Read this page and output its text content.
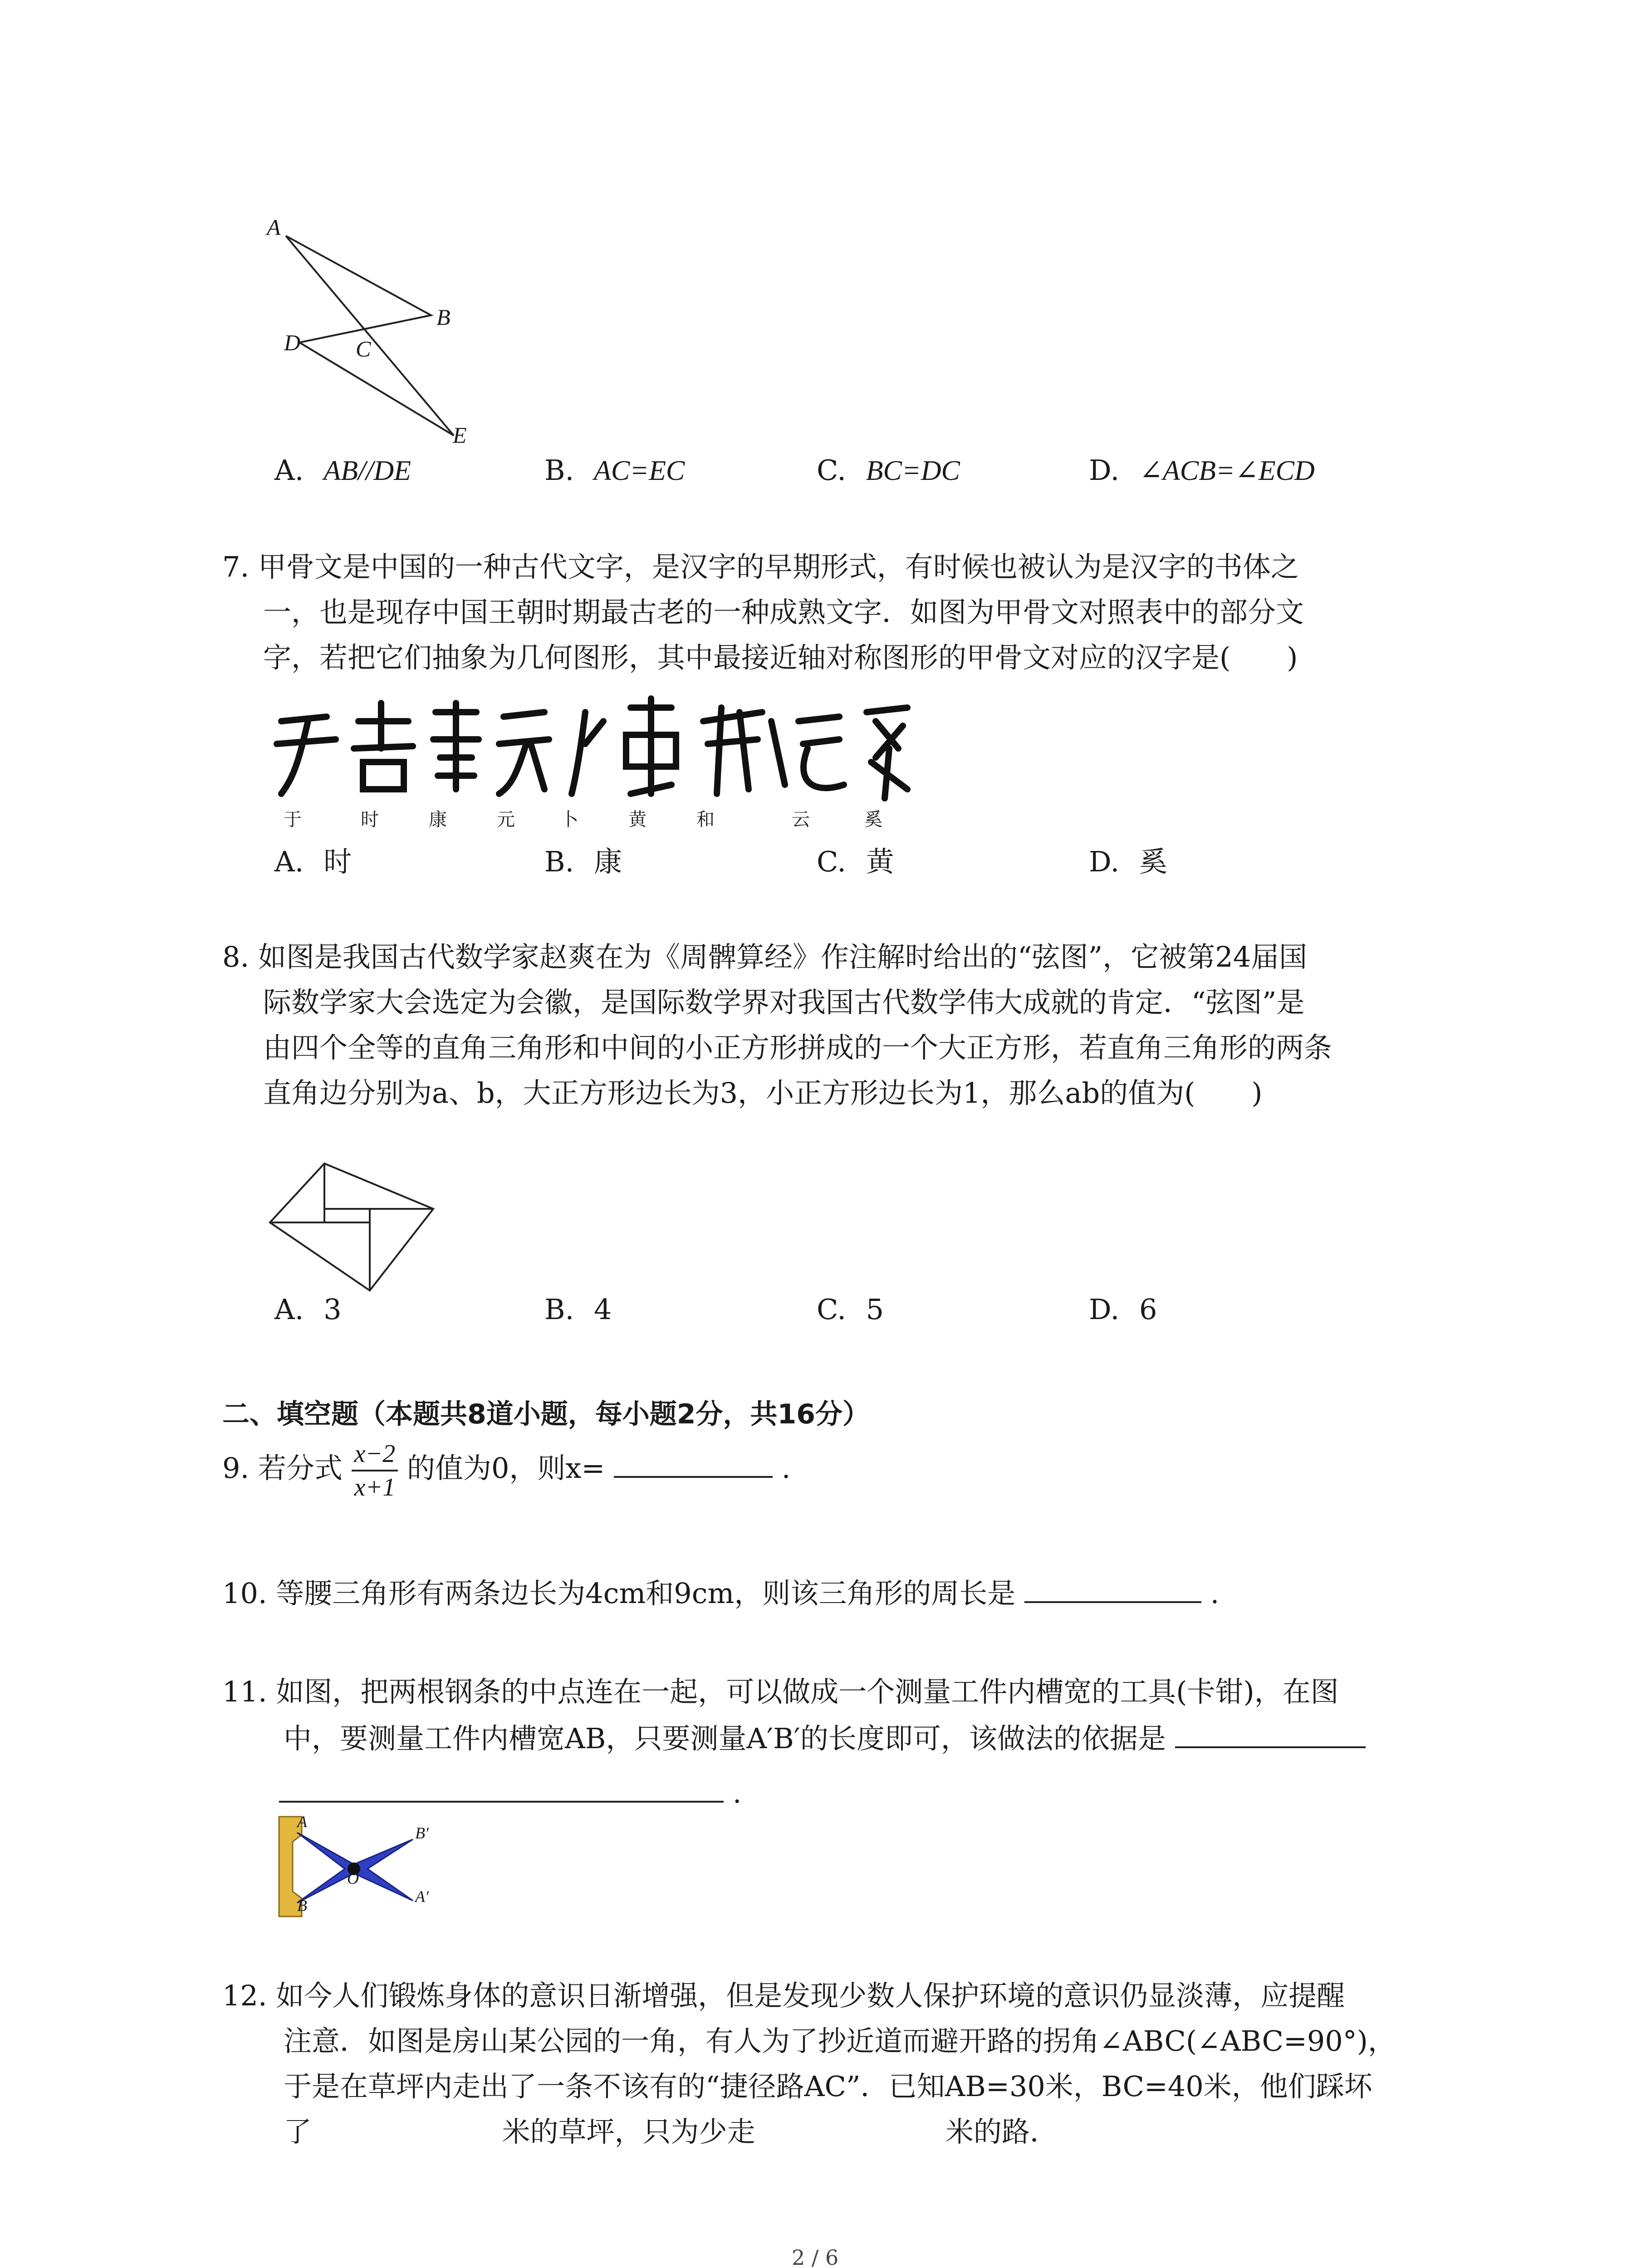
A
B
D C
E
A. AB//DE	B. AC=EC	C. BC=DC	D. ∠ACB=∠ECD
7. 甲骨文是中国的一种古代文字，是汉字的早期形式，有时候也被认为是汉字的书体之
一，也是现存中国王朝时期最古老的一种成熟文字．如图为甲骨文对照表中的部分文
字，若把它们抽象为几何图形，其中最接近轴对称图形的甲骨文对应的汉字是(　　)
于	时	康	元	卜	黄	和	云	奚
A. 时	B. 康	C. 黄	D. 奚
8. 如图是我国古代数学家赵爽在为《周髀算经》作注解时给出的“弦图”，它被第24届国
际数学家大会选定为会徽，是国际数学界对我国古代数学伟大成就的肯定．“弦图”是
由四个全等的直角三角形和中间的小正方形拼成的一个大正方形，若直角三角形的两条
直角边分别为a、b，大正方形边长为3，小正方形边长为1，那么ab的值为(　　)
A. 3	B. 4	C. 5	D. 6
二、填空题（本题共8道小题，每小题2分，共16分）
9. 若分式 $\frac{x-2}{x+1}$ 的值为0，则x=	.
10. 等腰三角形有两条边长为4cm和9cm，则该三角形的周长是	.
11. 如图，把两根钢条的中点连在一起，可以做成一个测量工件内槽宽的工具(卡钳)，在图
中，要测量工件内槽宽AB，只要测量A′B′的长度即可，该做法的依据是
.
A
B′
O
A′
B
12. 如今人们锻炼身体的意识日渐增强，但是发现少数人保护环境的意识仍显淡薄，应提醒
注意．如图是房山某公园的一角，有人为了抄近道而避开路的拐角∠ABC(∠ABC=90°)，
于是在草坪内走出了一条不该有的“捷径路AC”．已知AB=30米，BC=40米，他们踩坏
了	米的草坪，只为少走	米的路．
2 / 6
